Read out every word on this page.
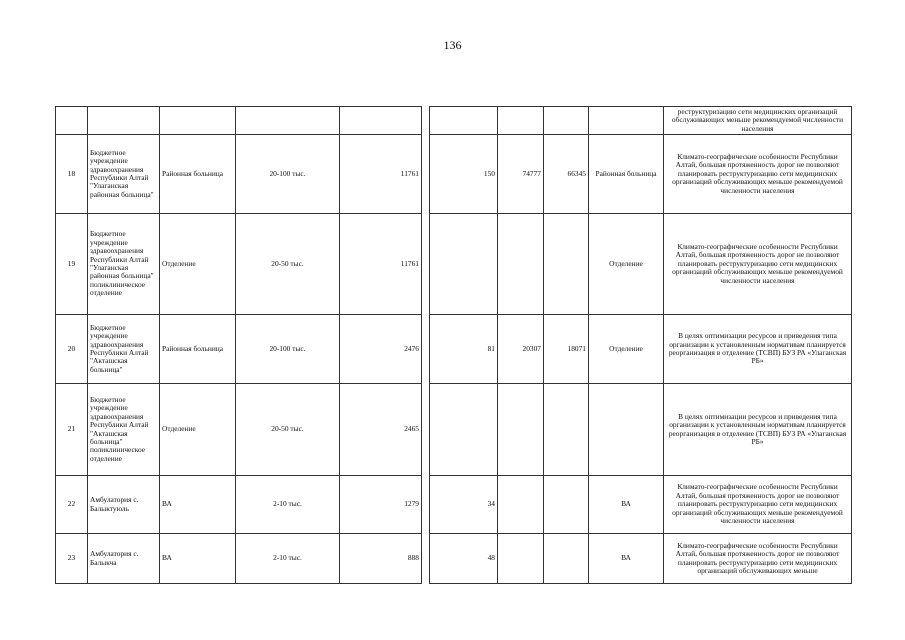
136
										реструктуризацию сети медицинских организаций обслуживающих меньше рекомендуемой численности населения
18	Бюджетное учреждение здравоохранения Республики Алтай "Улаганская районная больница"	Районная больница	20-100 тыс.	11761		150	74777	66345	Районная больница	Климато-географические особенности Республики Алтай, большая протяженность дорог не позволяют планировать реструктуризацию сети медицинских организаций обслуживающих меньше рекомендуемой численности населения
19	Бюджетное учреждение здравоохранения Республики Алтай "Улаганская районная больница" поликлиническое отделение	Отделение	20-50 тыс.	11761					Отделение	Климато-географические особенности Республики Алтай, большая протяженность дорог не позволяют планировать реструктуризацию сети медицинских организаций обслуживающих меньше рекомендуемой численности населения
20	Бюджетное учреждение здравоохранения Республики Алтай "Акташская больница"	Районная больница	20-100 тыс.	2476		81	20307	18071	Отделение	В целях оптимизации ресурсов и приведения типа организации к установленным нормативам планируется реорганизация в отделение (ТСВП) БУЗ РА «Улаганская РБ»
21	Бюджетное учреждение здравоохранения Республики Алтай "Акташская больница" поликлиническое отделение	Отделение	20-50 тыс.	2465						В целях оптимизации ресурсов и приведения типа организации к установленным нормативам планируется реорганизация в отделение (ТСВП) БУЗ РА «Улаганская РБ»
22	Амбулатория с. Балыктуюль	ВА	2-10 тыс.	1279		34			ВА	Климато-географические особенности Республики Алтай, большая протяженность дорог не позволяют планировать реструктуризацию сети медицинских организаций обслуживающих меньше рекомендуемой численности населения
23	Амбулатория с. Балыкча	ВА	2-10 тыс.	888		48			ВА	Климато-географические особенности Республики Алтай, большая протяженность дорог не позволяют планировать реструктуризацию сети медицинских организаций обслуживающих меньше
